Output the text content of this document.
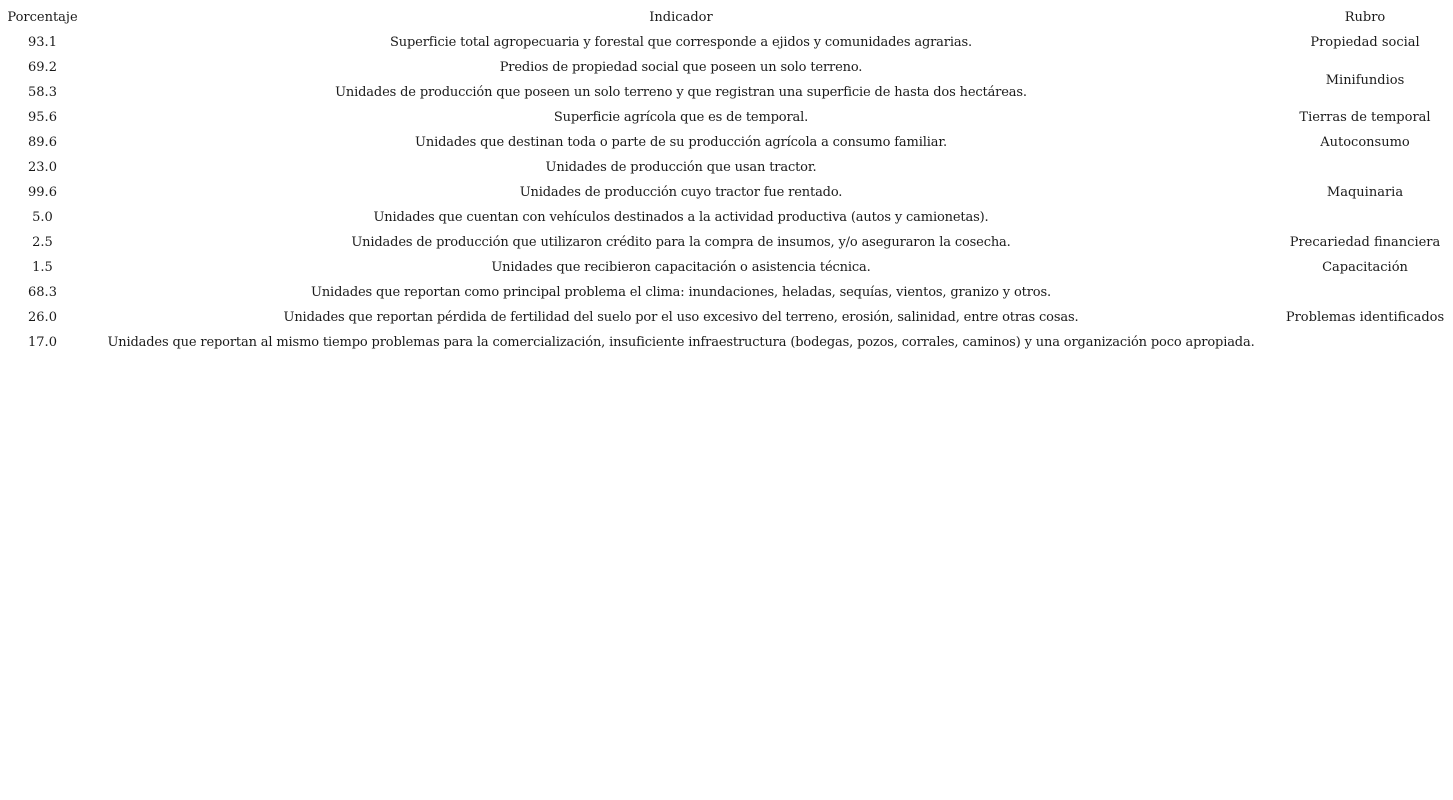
Porcentaje	Indicador	Rubro
93.1	Superficie total agropecuaria y forestal que corresponde a ejidos y comunidades agrarias.	Propiedad social
69.2	Predios de propiedad social que poseen un solo terreno.	Minifundios
58.3	Unidades de producción que poseen un solo terreno y que registran una superficie de hasta dos hectáreas.	
95.6	Superficie agrícola que es de temporal.	Tierras de temporal
89.6	Unidades que destinan toda o parte de su producción agrícola a consumo familiar.	Autoconsumo
23.0	Unidades de producción que usan tractor.	Maquinaria
99.6	Unidades de producción cuyo tractor fue rentado.	
5.0	Unidades que cuentan con vehículos destinados a la actividad productiva (autos y camionetas).	
2.5	Unidades de producción que utilizaron crédito para la compra de insumos, y/o aseguraron la cosecha.	Precariedad financiera
1.5	Unidades que recibieron capacitación o asistencia técnica.	Capacitación
68.3	Unidades que reportan como principal problema el clima: inundaciones, heladas, sequías, vientos, granizo y otros.	Problemas identificados
26.0	Unidades que reportan pérdida de fertilidad del suelo por el uso excesivo del terreno, erosión, salinidad, entre otras cosas.	
17.0	Unidades que reportan al mismo tiempo problemas para la comercialización, insuficiente infraestructura (bodegas, pozos, corrales, caminos) y una organización poco apropiada.	
